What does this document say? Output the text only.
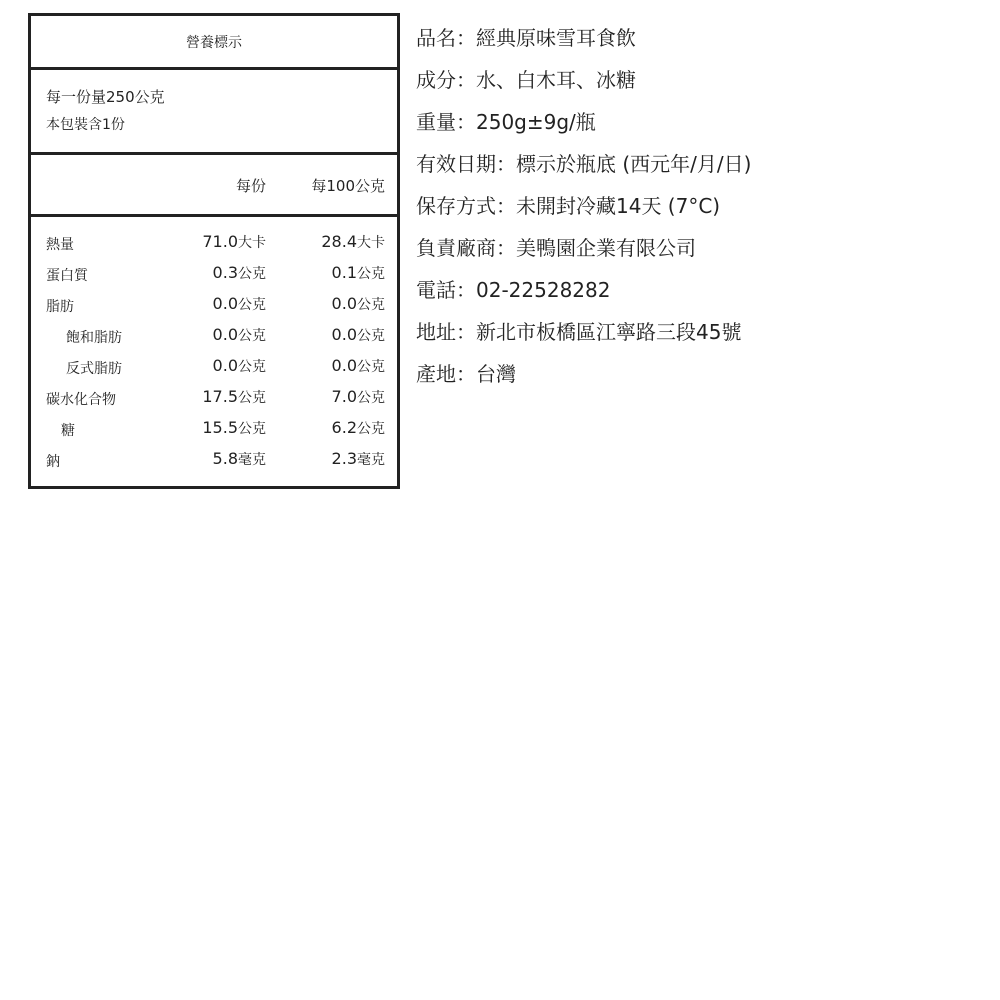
營養標示
每一份量250公克
本包裝含1份
每份	每100公克
熱量	71.0大卡	28.4大卡
蛋白質	0.3公克	0.1公克
脂肪	0.0公克	0.0公克
飽和脂肪	0.0公克	0.0公克
反式脂肪	0.0公克	0.0公克
碳水化合物	17.5公克	7.0公克
糖	15.5公克	6.2公克
鈉	5.8毫克	2.3毫克
品名：經典原味雪耳食飲
成分：水、白木耳、冰糖
重量：250g±9g/瓶
有效日期：標示於瓶底 (西元年/月/日)
保存方式：未開封冷藏14天 (7°C)
負責廠商：美鴨園企業有限公司
電話：02-22528282
地址：新北市板橋區江寧路三段45號
產地：台灣
